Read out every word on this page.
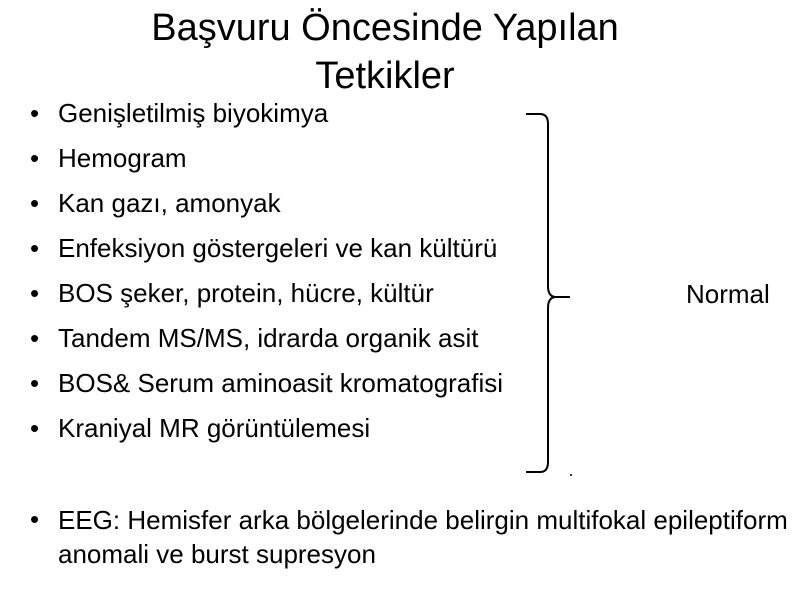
Başvuru Öncesinde Yapılan Tetkikler
• Genişletilmiş biyokimya
• Hemogram
• Kan gazı, amonyak
• Enfeksiyon göstergeleri ve kan kültürü
• BOS şeker, protein, hücre, kültür
• Tandem MS/MS, idrarda organik asit
• BOS& Serum aminoasit kromatografisi
• Kraniyal MR görüntülemesi
• EEG: Hemisfer arka bölgelerinde belirgin multifokal epileptiform anomali ve burst supresyon
Normal
